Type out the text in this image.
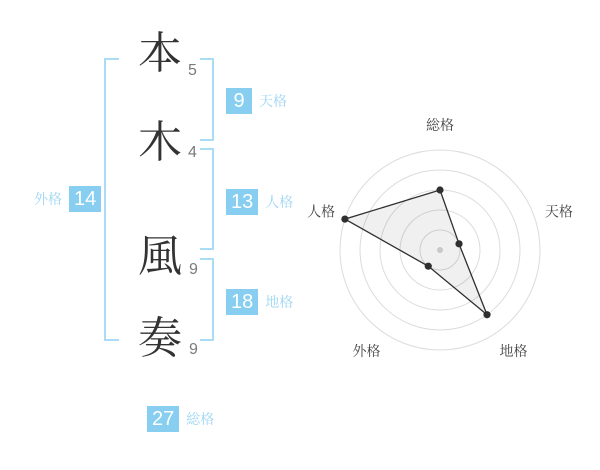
本
木
風
奏
5
4
9
9
9	天格
13 人格
18 地格
外格 14
27 総格
総格
天格
地格
外格
人格
